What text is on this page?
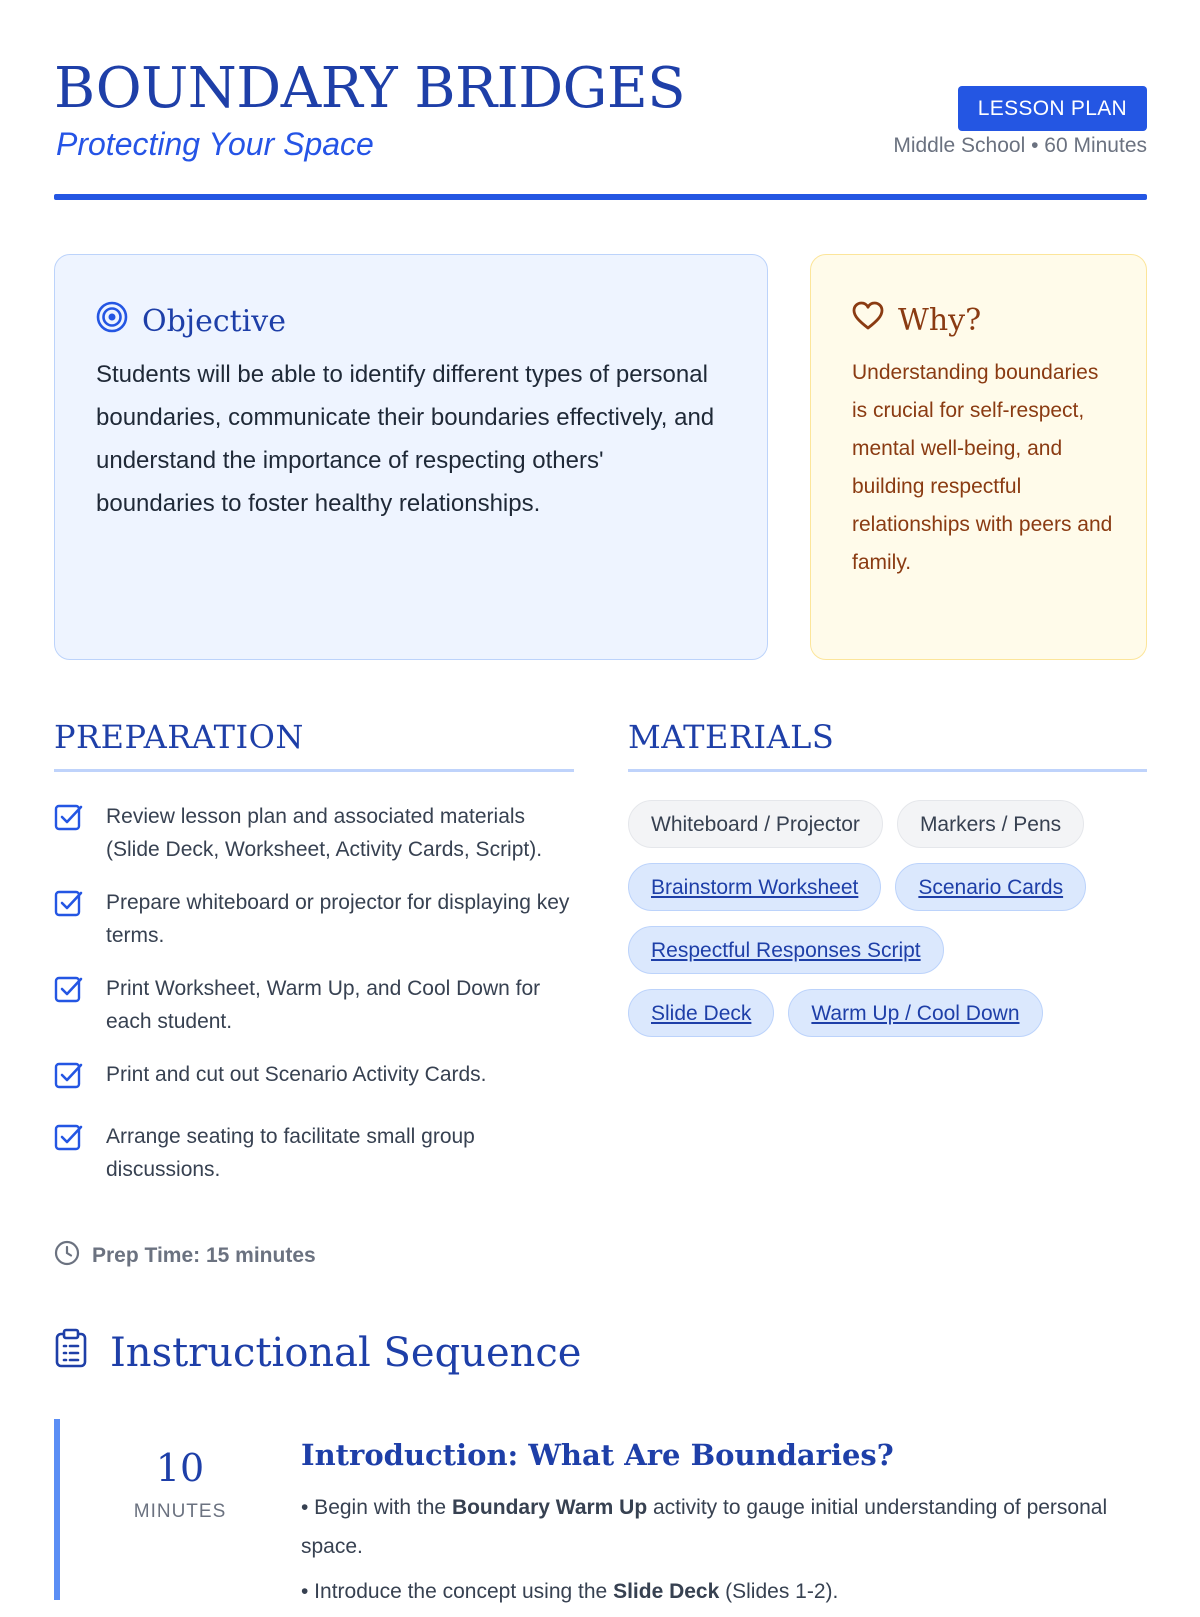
BOUNDARY BRIDGES
Protecting Your Space
LESSON PLAN
Middle School • 60 Minutes
Objective
Students will be able to identify different types of personal boundaries, communicate their boundaries effectively, and understand the importance of respecting others' boundaries to foster healthy relationships.
Why?
Understanding boundaries is crucial for self-respect, mental well-being, and building respectful relationships with peers and family.
PREPARATION
Review lesson plan and associated materials (Slide Deck, Worksheet, Activity Cards, Script).
Prepare whiteboard or projector for displaying key terms.
Print Worksheet, Warm Up, and Cool Down for each student.
Print and cut out Scenario Activity Cards.
Arrange seating to facilitate small group discussions.
Prep Time: 15 minutes
MATERIALS
Whiteboard / Projector	Markers / Pens
Brainstorm Worksheet	Scenario Cards
Respectful Responses Script
Slide Deck	Warm Up / Cool Down
Instructional Sequence
10
MINUTES
Introduction: What Are Boundaries?

• Begin with the Boundary Warm Up activity to gauge initial understanding of personal space.

• Introduce the concept using the Slide Deck (Slides 1-2).
